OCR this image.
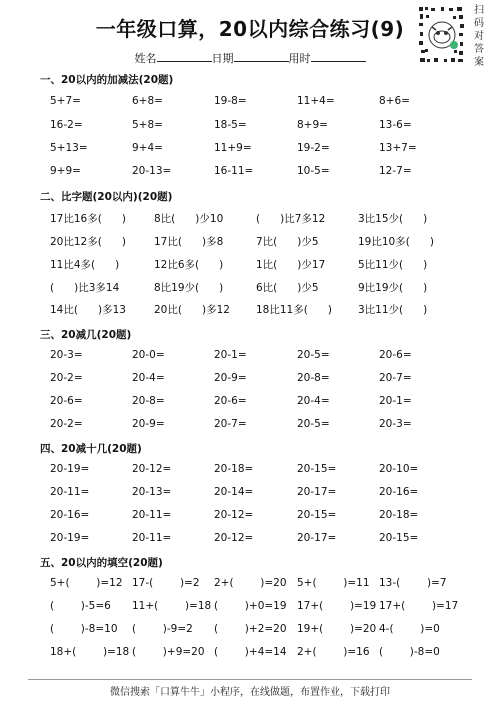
一年级口算，20以内综合练习(9)
姓名	日期	用时
扫
码
对
答
案
一、20以内的加减法(20题)
5+7=	6+8=	19-8=	11+4=	8+6=
16-2=	5+8=	18-5=	8+9=	13-6=
5+13=	9+4=	11+9=	19-2=	13+7=
9+9=	20-13=	16-11=	10-5=	12-7=
二、比字题(20以内)(20题)
17比16多(      )	8比(      )少10	(      )比7多12	3比15少(      )
20比12多(      )	17比(      )多8	7比(      )少5	19比10多(      )
11比4多(      )	12比6多(      )	1比(      )少17	5比11少(      )
(      )比3多14	8比19少(      )	6比(      )少5	9比19少(      )
14比(      )多13	20比(      )多12 18比11多(      ) 3比11少(      )
三、20减几(20题)
20-3=	20-0=	20-1=	20-5=	20-6=
20-2=	20-4=	20-9=	20-8=	20-7=
20-6=	20-8=	20-6=	20-4=	20-1=
20-2=	20-9=	20-7=	20-5=	20-3=
四、20减十几(20题)
20-19=	20-12=	20-18=	20-15=	20-10=
20-11=	20-13=	20-14=	20-17=	20-16=
20-16=	20-11=	20-12=	20-15=	20-18=
20-19=	20-11=	20-12=	20-17=	20-15=
五、20以内的填空(20题)
5+(        )=12 17-(        )=2 2+(        )=20 5+(        )=11 13-(        )=7
(        )-5=6 11+(        )=18 (        )+0=19 17+(        )=19 17+(        )=17
(        )-8=10 (        )-9=2 (        )+2=20 19+(        )=20 4-(        )=0
18+(        )=18 (        )+9=20 (        )+4=14 2+(        )=16 (        )-8=0
微信搜索「口算牛牛」小程序，在线做题，布置作业，下载打印
